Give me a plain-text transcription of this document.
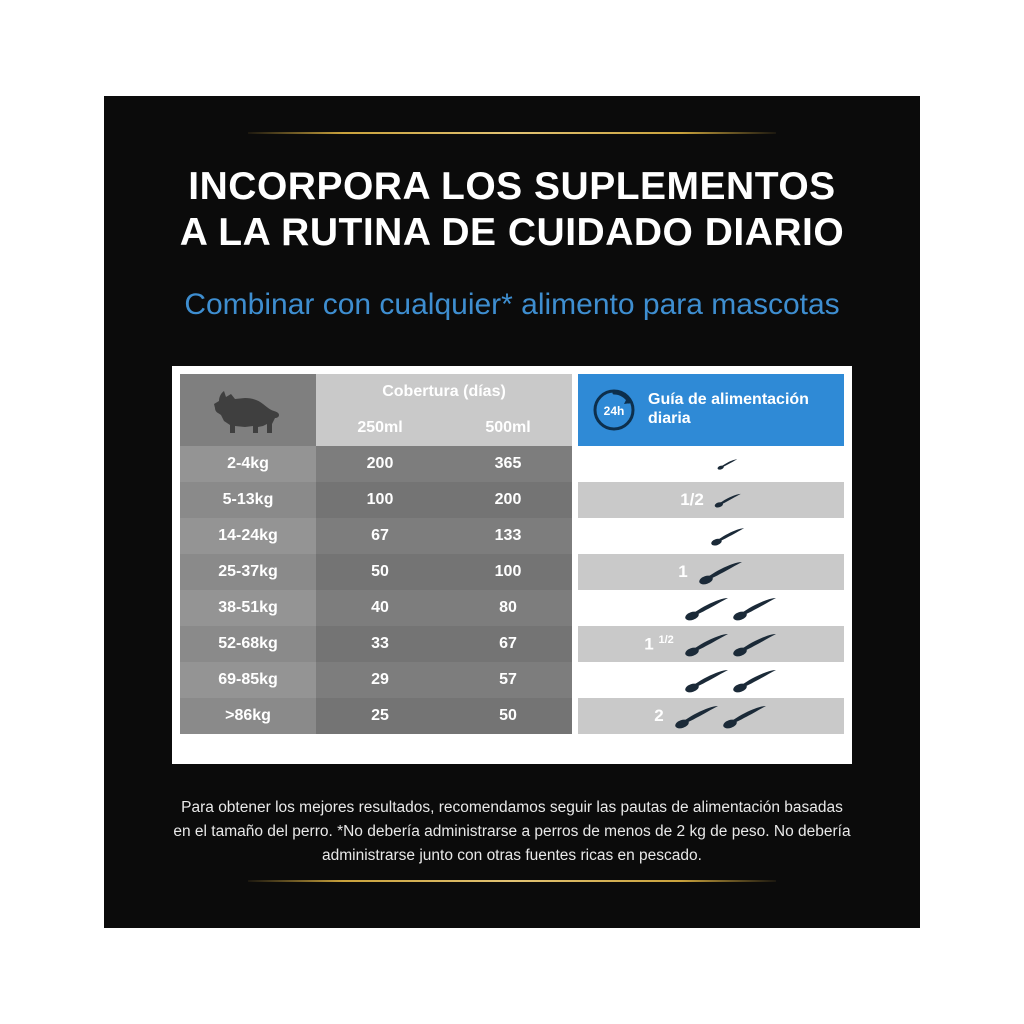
INCORPORA LOS SUPLEMENTOS
A LA RUTINA DE CUIDADO DIARIO
Combinar con cualquier* alimento para mascotas
	Cobertura (días)			24h
Guía de alimentación diaria

	250ml	500ml		
2-4kg	200	365		1/4

5-13kg	100	200		1/2

14-24kg	67	133		3/4

25-37kg	50	100		1

38-51kg	40	80		1 $^{1/4}$

52-68kg	33	67		1 $^{1/2}$

69-85kg	29	57		1 $^{3/4}$

>86kg	25	50		2
Para obtener los mejores resultados, recomendamos seguir las pautas de alimentación basadas en el tamaño del perro. *No debería administrarse a perros de menos de 2 kg de peso. No debería administrarse junto con otras fuentes ricas en pescado.
